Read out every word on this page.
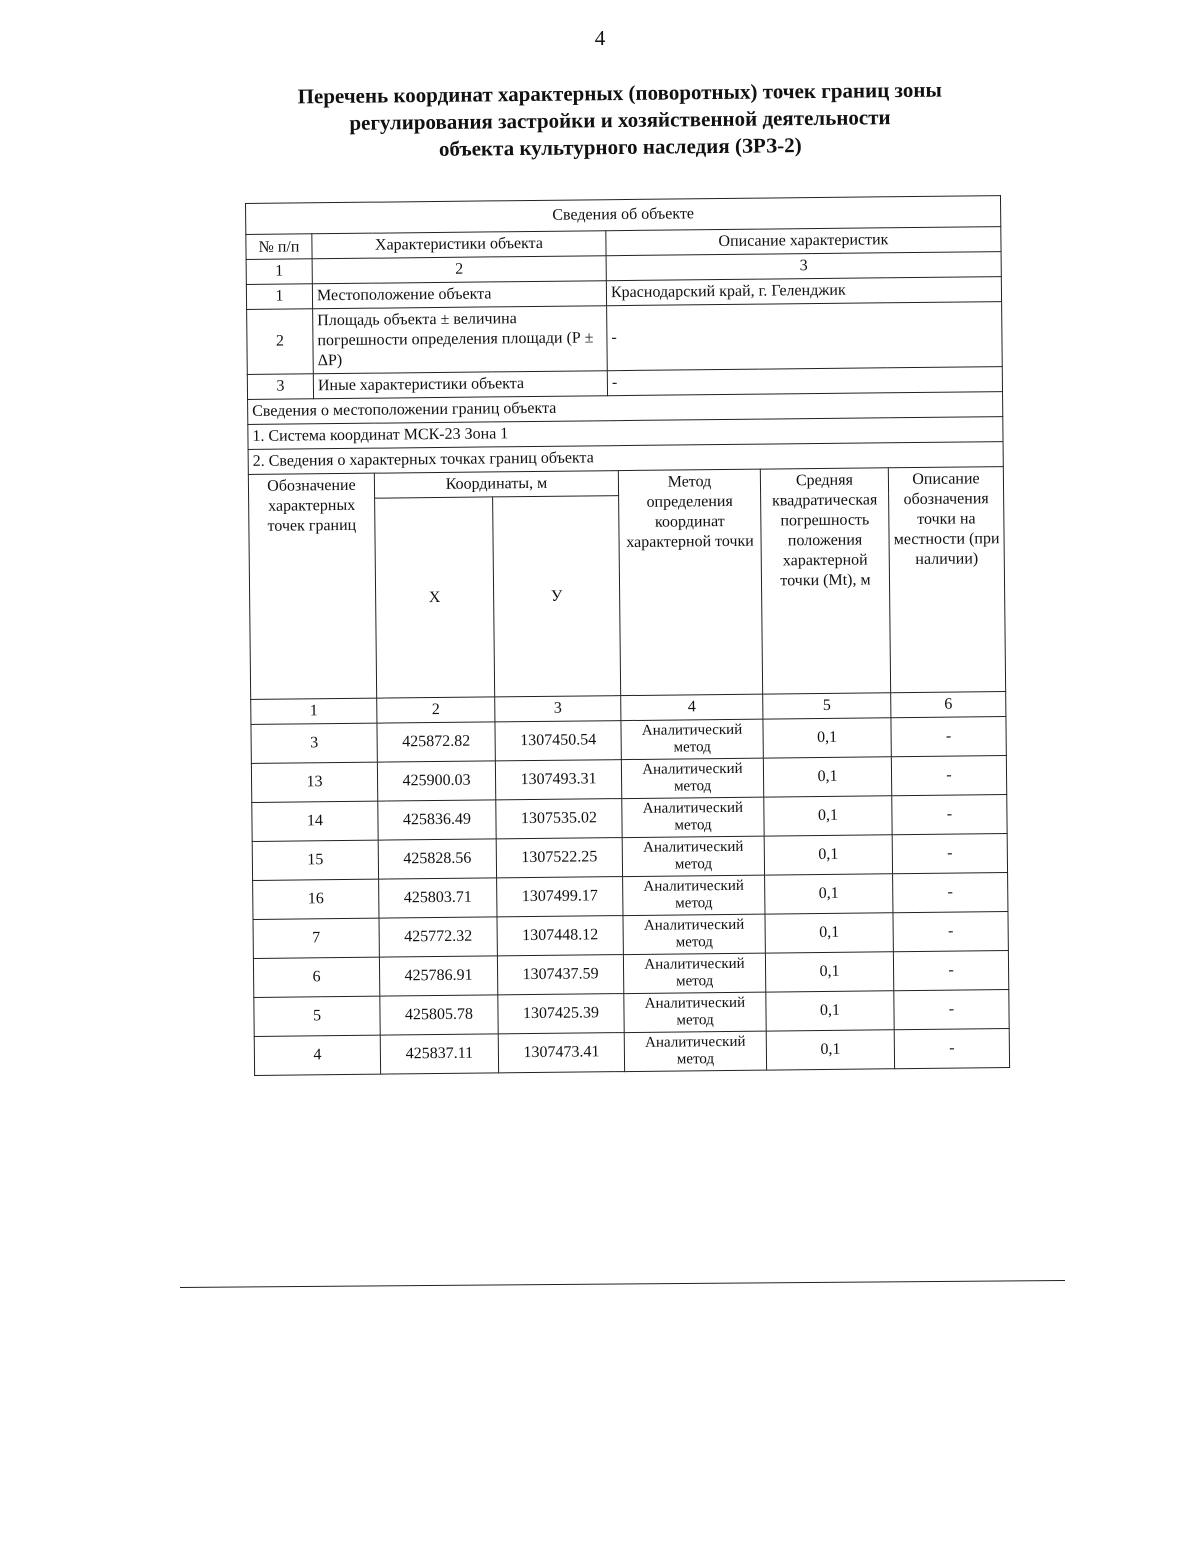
4
Перечень координат характерных (поворотных) точек границ зоны
регулирования застройки и хозяйственной деятельности
объекта культурного наследия (ЗРЗ-2)
Сведения об объекте							
№ п/п	Характеристики объекта			Описание характеристик			
1	2			3			
1	Местоположение объекта			Краснодарский край, г. Геленджик			
2	Площадь объекта ± величина погрешности определения площади (Р ± ΔР)			-			
3	Иные характеристики объекта			-			
Сведения о местоположении границ объекта							
1. Система координат МСК-23 Зона 1							
2. Сведения о характерных точках границ объекта							
Обозначение характерных точек границ		Координаты, м			Метод определения координат характерной точки	Средняя квадратическая погрешность положения характерной точки (Mt), м	Описание обозначения точки на местности (при наличии)
		X	У				
1		2	3		4	5	6
3		425872.82	1307450.54		Аналитический метод	0,1	-
13		425900.03	1307493.31		Аналитический метод	0,1	-
14		425836.49	1307535.02		Аналитический метод	0,1	-
15		425828.56	1307522.25		Аналитический метод	0,1	-
16		425803.71	1307499.17		Аналитический метод	0,1	-
7		425772.32	1307448.12		Аналитический метод	0,1	-
6		425786.91	1307437.59		Аналитический метод	0,1	-
5		425805.78	1307425.39		Аналитический метод	0,1	-
4		425837.11	1307473.41		Аналитический метод	0,1	-
